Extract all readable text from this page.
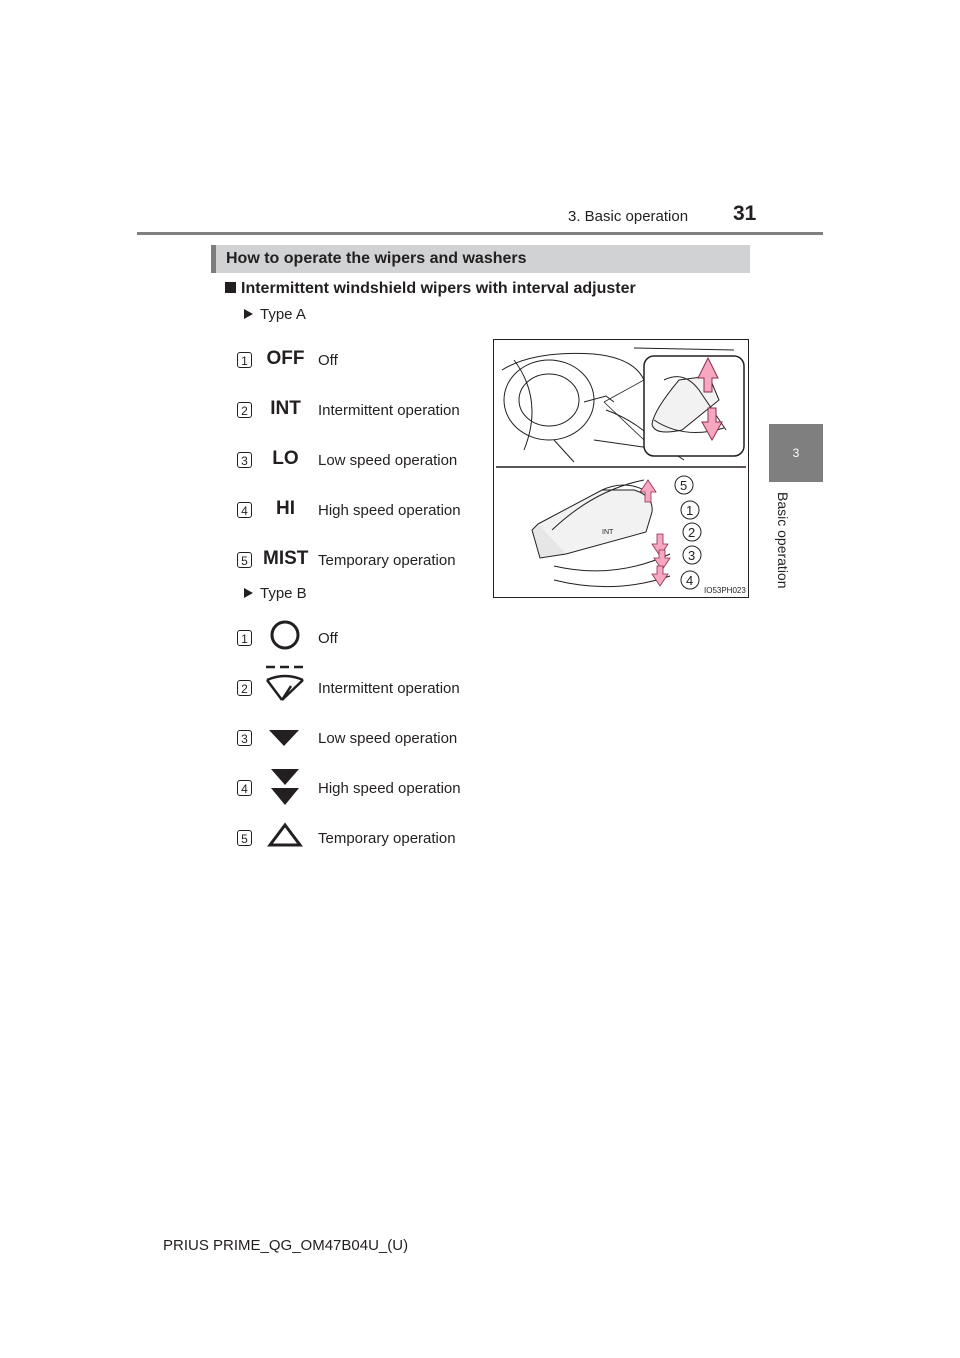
3. Basic operation 31
3
Basic operation
How to operate the wipers and washers
Intermittent windshield wipers with interval adjuster
Type A
1 OFF Off
2	INT	Intermittent operation
3	LO	Low speed operation
4	HI	High speed operation
5 MIST Temporary operation
Type B
1	Off
2	Intermittent operation
3	Low speed operation
4	High speed operation
5	Temporary operation
INT
5
1
2
3
4
IO53PH023
PRIUS PRIME_QG_OM47B04U_(U)
